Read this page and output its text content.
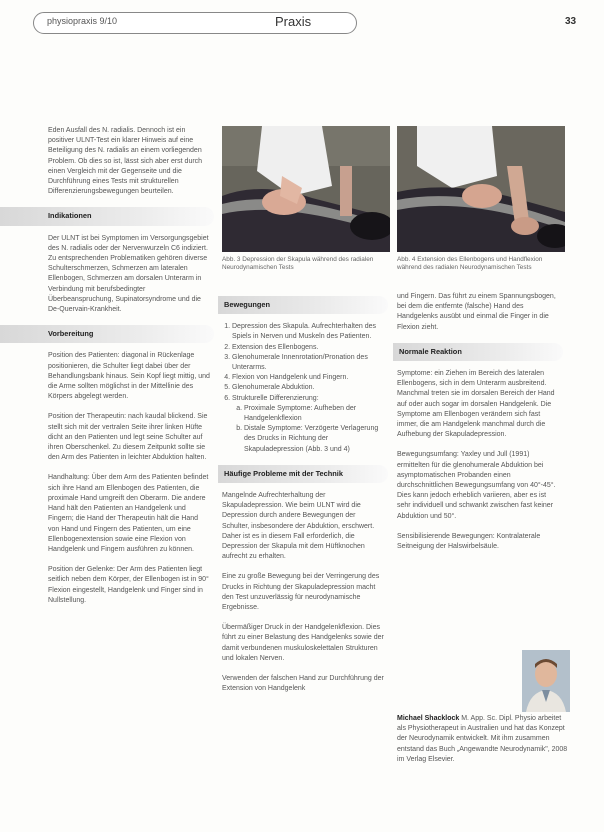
physiopraxis 9/10	Praxis	33

Eden Ausfall des N. radialis. Dennoch ist ein positiver ULNT-Test ein klarer Hinweis auf eine Beteiligung des N. radialis an einem vorliegenden Problem. Ob dies so ist, lässt sich aber erst durch einen Vergleich mit der Gegenseite und die Durchführung eines Tests mit strukturellen Differenzierungsbewegungen beurteilen.

Indikationen

Der ULNT ist bei Symptomen im Versorgungsgebiet des N. radialis oder der Nervenwurzeln C6 indiziert. Zu entsprechenden Problematiken gehören diverse Schulterschmerzen, Schmerzen am lateralen Ellenbogen, Schmerzen am dorsalen Unterarm in Verbindung mit berufsbedingter Überbeanspruchung, Supinatorsyndrome und die De-Quervain-Krankheit.

Vorbereitung

Position des Patienten: diagonal in Rückenlage positionieren, die Schulter liegt dabei über der Behandlungsbank hinaus. Sein Kopf liegt mittig, und die Arme sollten möglichst in der Mittellinie des Körpers abgelegt werden.

Position der Therapeutin: nach kaudal blickend. Sie stellt sich mit der vertralen Seite ihrer linken Hüfte dicht an den Patienten und legt seine Schulter auf ihren Oberschenkel. Zu diesem Zeitpunkt sollte sie den Arm des Patienten in leichter Abduktion halten.

Handhaltung: Über dem Arm des Patienten befindet sich ihre Hand am Ellenbogen des Patienten, die proximale Hand umgreift den Oberarm. Die andere Hand hält den Patienten an Handgelenk und Fingern; die Hand der Therapeutin hält die Hand von Hand und Fingern des Patienten, um eine Ellenbogenextension sowie eine Flexion von Handgelenk und Fingern ausführen zu können.

Position der Gelenke: Der Arm des Patienten liegt seitlich neben dem Körper, der Ellenbogen ist in 90° Flexion eingestellt, Handgelenk und Finger sind in Nullstellung.

Abb. 3 Depression der Skapula während des radialen Neurodynamischen Tests
Abb. 4 Extension des Ellenbogens und Handflexion während des radialen Neurodynamischen Tests
Bewegungen
1. Depression des Skapula. Aufrechterhalten des Spiels in Nerven und Muskeln des Patienten.
2. Extension des Ellenbogens.
3. Glenohumerale Innenrotation/Pronation des Unterarms.
4. Flexion von Handgelenk und Fingern.
5. Glenohumerale Abduktion.
6. Strukturelle Differenzierung:
a. Proximale Symptome: Aufheben der Handgelenkflexion
b. Distale Symptome: Verzögerte Verlagerung des Drucks in Richtung der Skapuladepression (Abb. 3 und 4)
Häufige Probleme mit der Technik

Mangelnde Aufrechterhaltung der Skapuladepression. Wie beim ULNT wird die Depression durch andere Bewegungen der Schulter, insbesondere der Abduktion, erschwert. Daher ist es in diesem Fall erforderlich, die Depression der Skapula mit dem Hüftknochen aufrecht zu erhalten.

Eine zu große Bewegung bei der Verringerung des Drucks in Richtung der Skapuladepression macht den Test unzuverlässig für neurodynamische Ergebnisse.

Übermäßiger Druck in der Handgelenkflexion. Dies führt zu einer Belastung des Handgelenks sowie der damit verbundenen muskuloskelettalen Strukturen und lokalen Nerven.

Verwenden der falschen Hand zur Durchführung der Extension von Handgelenk

und Fingern. Das führt zu einem Spannungsbogen, bei dem die entfernte (falsche) Hand des Handgelenks ausübt und einmal die Finger in die Flexion zieht.

Normale Reaktion

Symptome: ein Ziehen im Bereich des lateralen Ellenbogens, sich in dem Unterarm ausbreitend. Manchmal treten sie im dorsalen Bereich der Hand auf oder auch sogar im dorsalen Handgelenk. Die Symptome am Ellenbogen verändern sich fast immer, die am Handgelenk manchmal durch die Aufhebung der Skapuladepression.

Bewegungsumfang: Yaxley und Jull (1991) ermittelten für die glenohumerale Abduktion bei asymptomatischen Probanden einen durchschnittlichen Bewegungsumfang von 40°-45°. Dies kann jedoch erheblich variieren, aber es ist sehr individuell und schwankt zwischen fast keiner Abduktion und 50°.

Sensibilisierende Bewegungen: Kontralaterale Seitneigung der Halswirbelsäule.

Michael Shacklock M. App. Sc. Dipl. Physio arbeitet als Physiotherapeut in Australien und hat das Konzept der Neurodynamik entwickelt. Mit ihm zusammen entstand das Buch „Angewandte Neurodynamik", 2008 im Verlag Elsevier.
